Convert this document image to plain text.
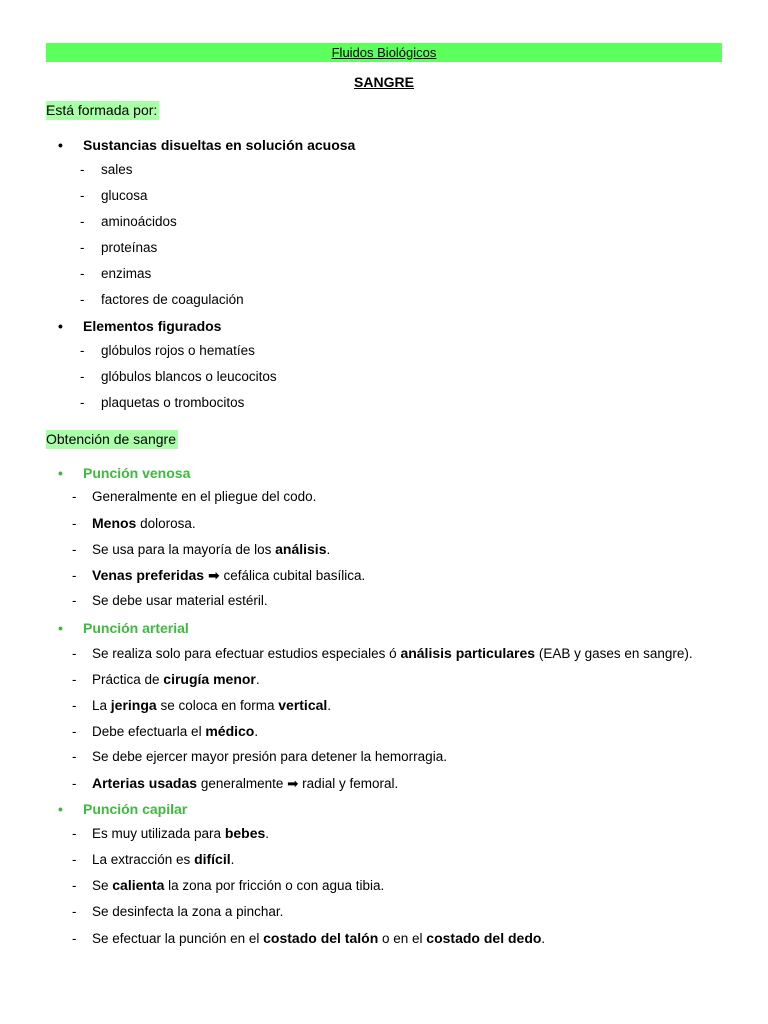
Fluidos Biológicos
SANGRE
Está formada por:
• Sustancias disueltas en solución acuosa
- sales
- glucosa
- aminoácidos
- proteínas
- enzimas
- factores de coagulación
• Elementos figurados
- glóbulos rojos o hematíes
- glóbulos blancos o leucocitos
- plaquetas o trombocitos
Obtención de sangre
• Punción venosa
- Generalmente en el pliegue del codo.
- Menos dolorosa.
- Se usa para la mayoría de los análisis.
- Venas preferidas ➡ cefálica cubital basílica.
- Se debe usar material estéril.
• Punción arterial
- Se realiza solo para efectuar estudios especiales ó análisis particulares (EAB y gases en sangre).
- Práctica de cirugía menor.
- La jeringa se coloca en forma vertical.
- Debe efectuarla el médico.
- Se debe ejercer mayor presión para detener la hemorragia.
- Arterias usadas generalmente ➡ radial y femoral.
• Punción capilar
- Es muy utilizada para bebes.
- La extracción es difícil.
- Se calienta la zona por fricción o con agua tibia.
- Se desinfecta la zona a pinchar.
- Se efectuar la punción en el costado del talón o en el costado del dedo.
